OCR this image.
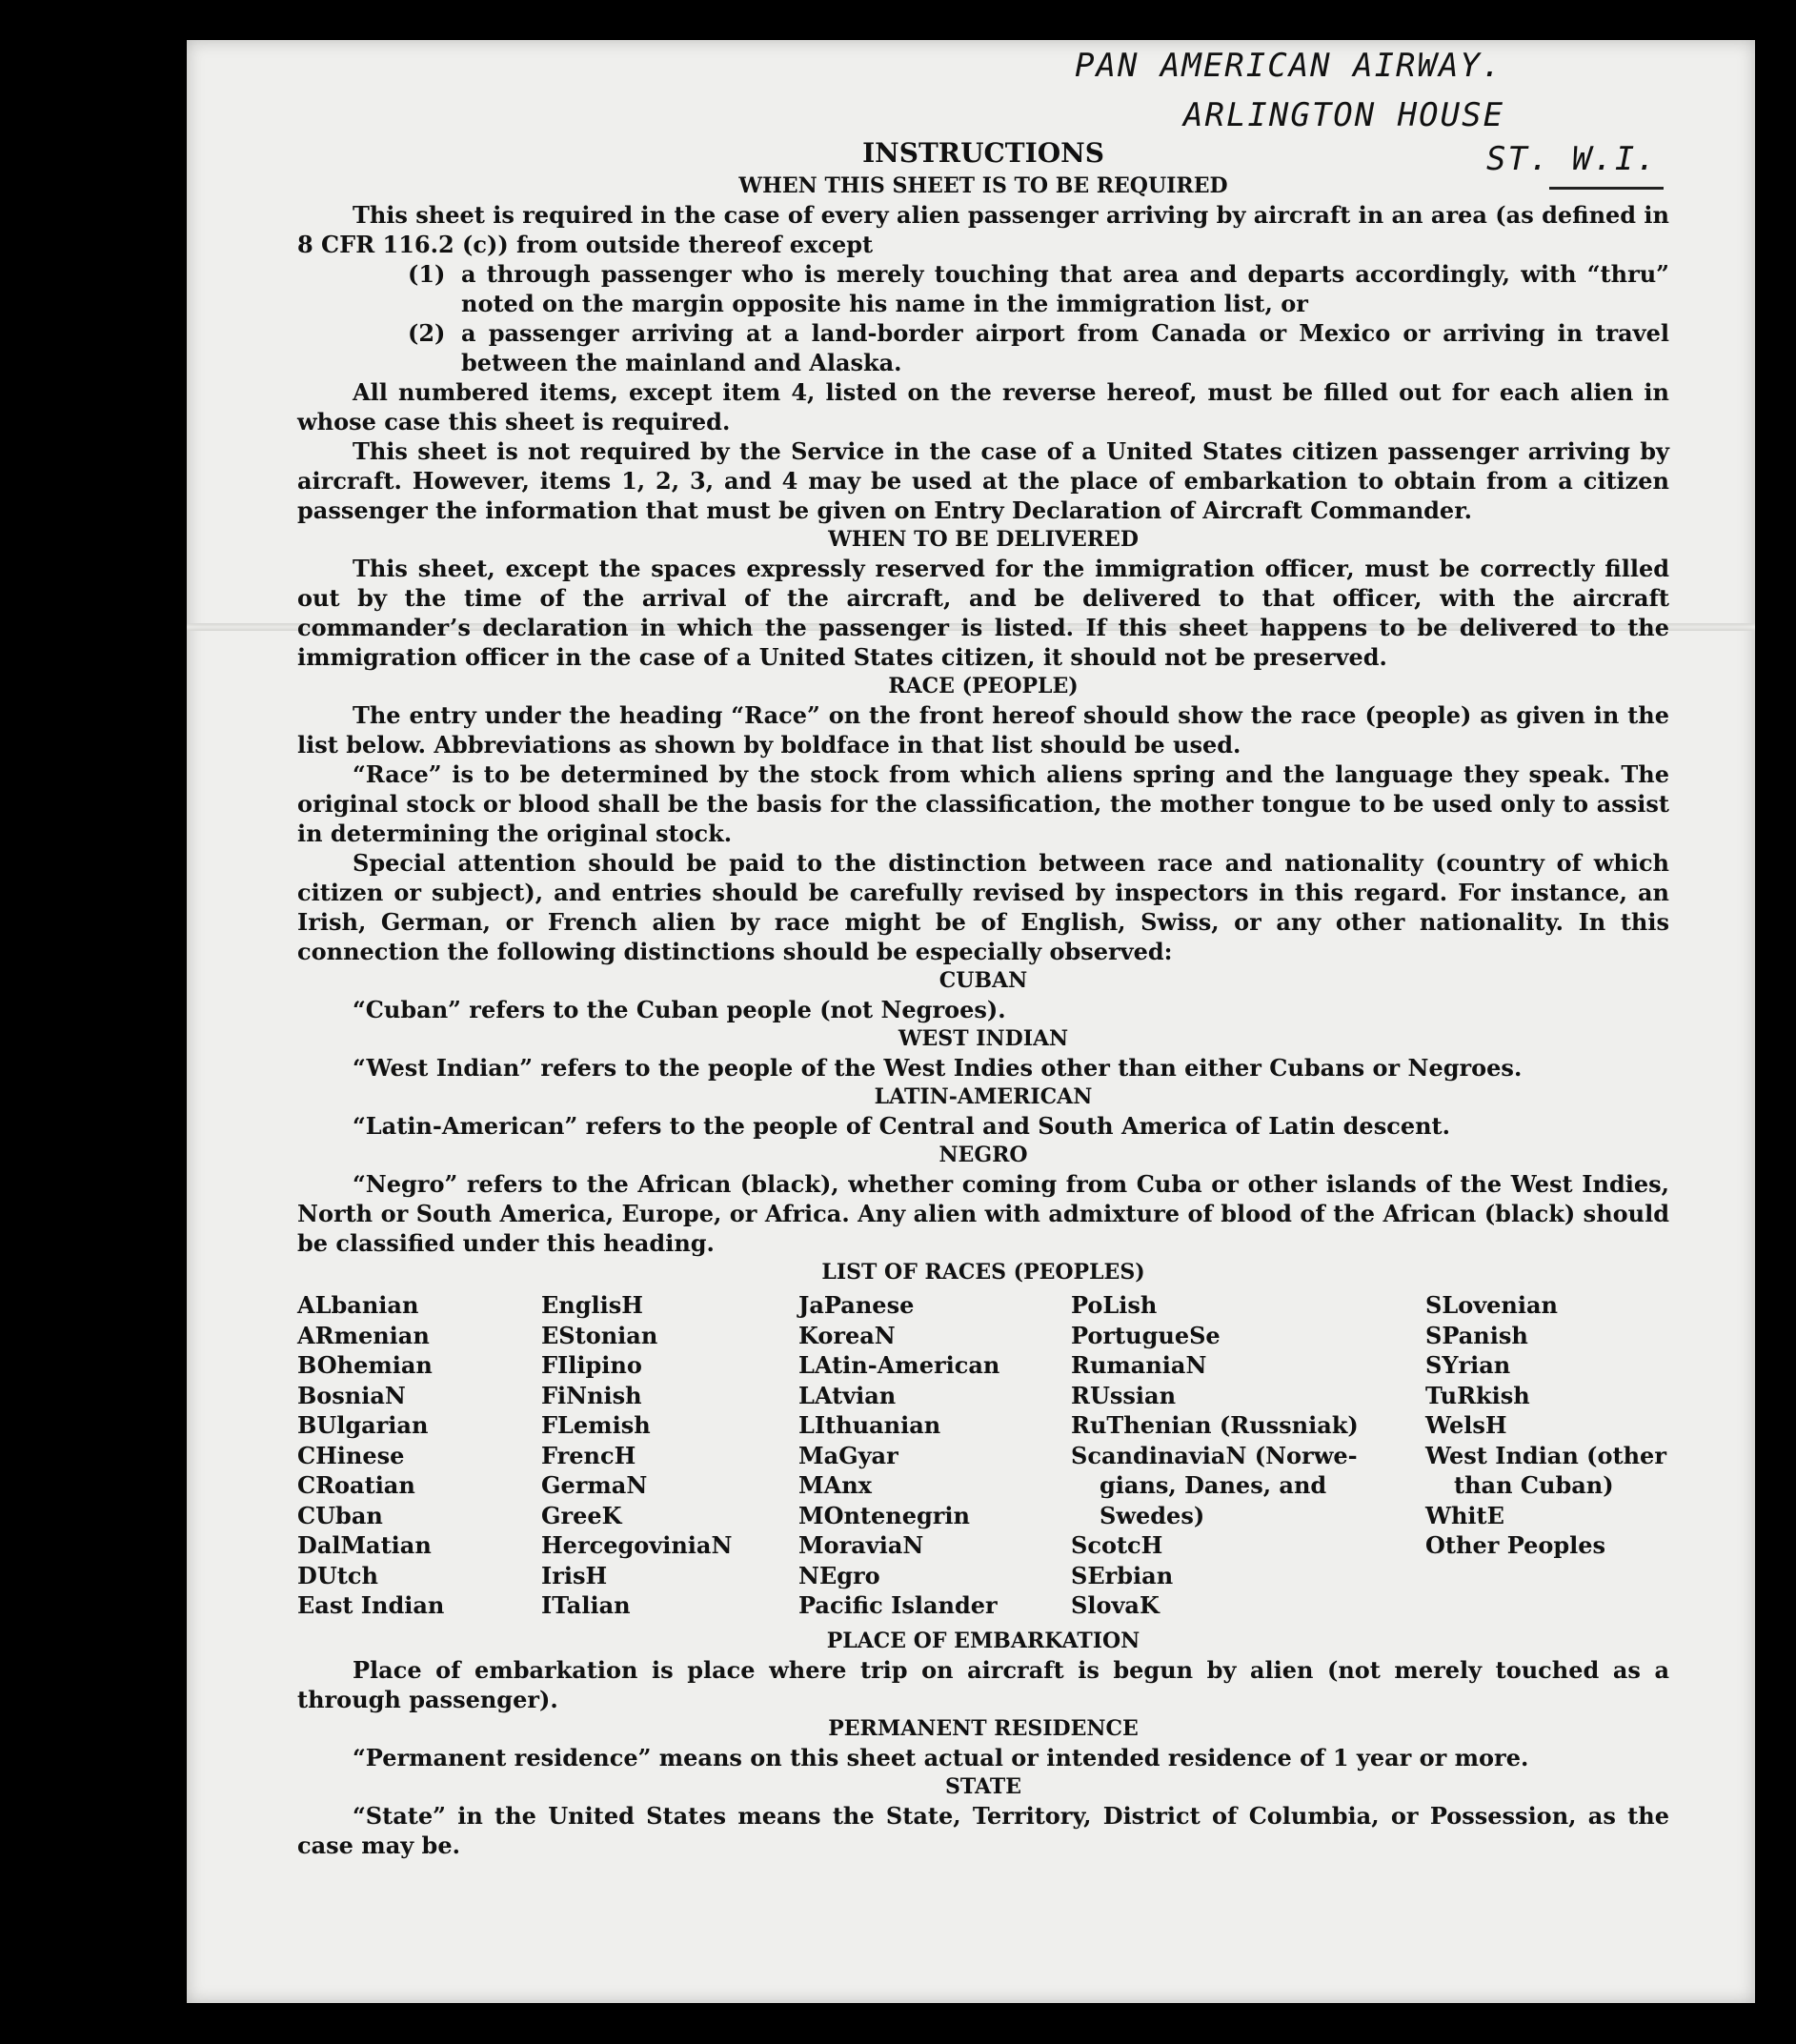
PAN AMERICAN AIRWAY.
ARLINGTON HOUSE
ST. W.I.
INSTRUCTIONS
WHEN THIS SHEET IS TO BE REQUIRED

This sheet is required in the case of every alien passenger arriving by aircraft in an area (as defined in 8 CFR 116.2 (c)) from outside thereof except

(1) a through passenger who is merely touching that area and departs accordingly, with “thru” noted on the margin opposite his name in the immigration list, or
(2) a passenger arriving at a land-border airport from Canada or Mexico or arriving in travel between the mainland and Alaska.

All numbered items, except item 4, listed on the reverse hereof, must be filled out for each alien in whose case this sheet is required.

This sheet is not required by the Service in the case of a United States citizen passenger arriving by aircraft. However, items 1, 2, 3, and 4 may be used at the place of embarkation to obtain from a citizen passenger the information that must be given on Entry Declaration of Aircraft Commander.

WHEN TO BE DELIVERED

This sheet, except the spaces expressly reserved for the immigration officer, must be correctly filled out by the time of the arrival of the aircraft, and be delivered to that officer, with the aircraft commander’s declaration in which the passenger is listed. If this sheet happens to be delivered to the immigration officer in the case of a United States citizen, it should not be preserved.

RACE (PEOPLE)

The entry under the heading “Race” on the front hereof should show the race (people) as given in the list below. Abbreviations as shown by boldface in that list should be used.

“Race” is to be determined by the stock from which aliens spring and the language they speak. The original stock or blood shall be the basis for the classification, the mother tongue to be used only to assist in determining the original stock.

Special attention should be paid to the distinction between race and nationality (country of which citizen or subject), and entries should be carefully revised by inspectors in this regard. For instance, an Irish, German, or French alien by race might be of English, Swiss, or any other nationality. In this connection the following distinctions should be especially observed:

CUBAN

“Cuban” refers to the Cuban people (not Negroes).

WEST INDIAN

“West Indian” refers to the people of the West Indies other than either Cubans or Negroes.

LATIN-AMERICAN

“Latin-American” refers to the people of Central and South America of Latin descent.

NEGRO

“Negro” refers to the African (black), whether coming from Cuba or other islands of the West Indies, North or South America, Europe, or Africa. Any alien with admixture of blood of the African (black) should be classified under this heading.

LIST OF RACES (PEOPLES)
ALbanian
ARmenian
BOhemian
BosniaN
BUlgarian
CHinese
CRoatian
CUban
DalMatian
DUtch
East Indian
EnglisH
EStonian
FIlipino
FiNnish
FLemish
FrencH
GermaN
GreeK
HercegoviniaN
IrisH
ITalian
JaPanese
KoreaN
LAtin-American
LAtvian
LIthuanian
MaGyar
MAnx
MOntenegrin
MoraviaN
NEgro
Pacific Islander
PoLish
PortugueSe
RumaniaN
RUssian
RuThenian (Russniak)
ScandinaviaN (Norwe-
gians, Danes, and
Swedes)
ScotcH
SErbian
SlovaK
SLovenian
SPanish
SYrian
TuRkish
WelsH
West Indian (other
than Cuban)
WhitE
Other Peoples
PLACE OF EMBARKATION

Place of embarkation is place where trip on aircraft is begun by alien (not merely touched as a through passenger).

PERMANENT RESIDENCE

“Permanent residence” means on this sheet actual or intended residence of 1 year or more.

STATE

“State” in the United States means the State, Territory, District of Columbia, or Possession, as the case may be.
